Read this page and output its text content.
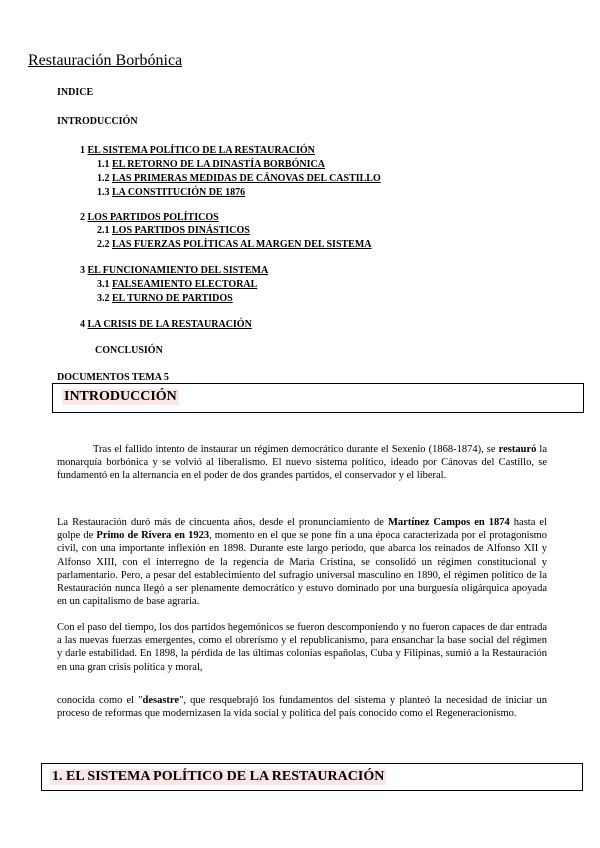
Restauración Borbónica
INDICE
INTRODUCCIÓN
1 EL SISTEMA POLÍTICO DE LA RESTAURACIÓN
1.1 EL RETORNO DE LA DINASTÍA BORBÓNICA
1.2 LAS PRIMERAS MEDIDAS DE CÁNOVAS DEL CASTILLO
1.3 LA CONSTITUCIÓN DE 1876
2 LOS PARTIDOS POLÍTICOS
2.1 LOS PARTIDOS DINÁSTICOS
2.2 LAS FUERZAS POLÍTICAS AL MARGEN DEL SISTEMA
3 EL FUNCIONAMIENTO DEL SISTEMA
3.1 FALSEAMIENTO ELECTORAL
3.2 EL TURNO DE PARTIDOS
4 LA CRISIS DE LA RESTAURACIÓN
CONCLUSIÓN
DOCUMENTOS TEMA 5
INTRODUCCIÓN
Tras el fallido intento de instaurar un régimen democrático durante el Sexenio (1868-1874), se restauró la monarquía borbónica y se volvió al liberalismo. El nuevo sistema político, ideado por Cánovas del Castillo, se fundamentó en la alternancia en el poder de dos grandes partidos, el conservador y el liberal.
La Restauración duró más de cincuenta años, desde el pronunciamiento de Martínez Campos en 1874 hasta el golpe de Primo de Rivera en 1923, momento en el que se pone fin a una época caracterizada por el protagonismo civil, con una importante inflexión en 1898. Durante este largo periodo, que abarca los reinados de Alfonso XII y Alfonso XIII, con el interregno de la regencia de María Cristina, se consolidó un régimen constitucional y parlamentario. Pero, a pesar del establecimiento del sufragio universal masculino en 1890, el régimen político de la Restauración nunca llegó a ser plenamente democrático y estuvo dominado por una burguesía oligárquica apoyada en un capitalismo de base agraria.
Con el paso del tiempo, los dos partidos hegemónicos se fueron descomponiendo y no fueron capaces de dar entrada a las nuevas fuerzas emergentes, como el obrerismo y el republicanismo, para ensanchar la base social del régimen y darle estabilidad. En 1898, la pérdida de las últimas colonias españolas, Cuba y Filipinas, sumió a la Restauración en una gran crisis política y moral,
conocida como el "desastre", que resquebrajó los fundamentos del sistema y planteó la necesidad de iniciar un proceso de reformas que modernizasen la vida social y política del país conocido como el Regeneracionismo.
1. EL SISTEMA POLÍTICO DE LA RESTAURACIÓN
